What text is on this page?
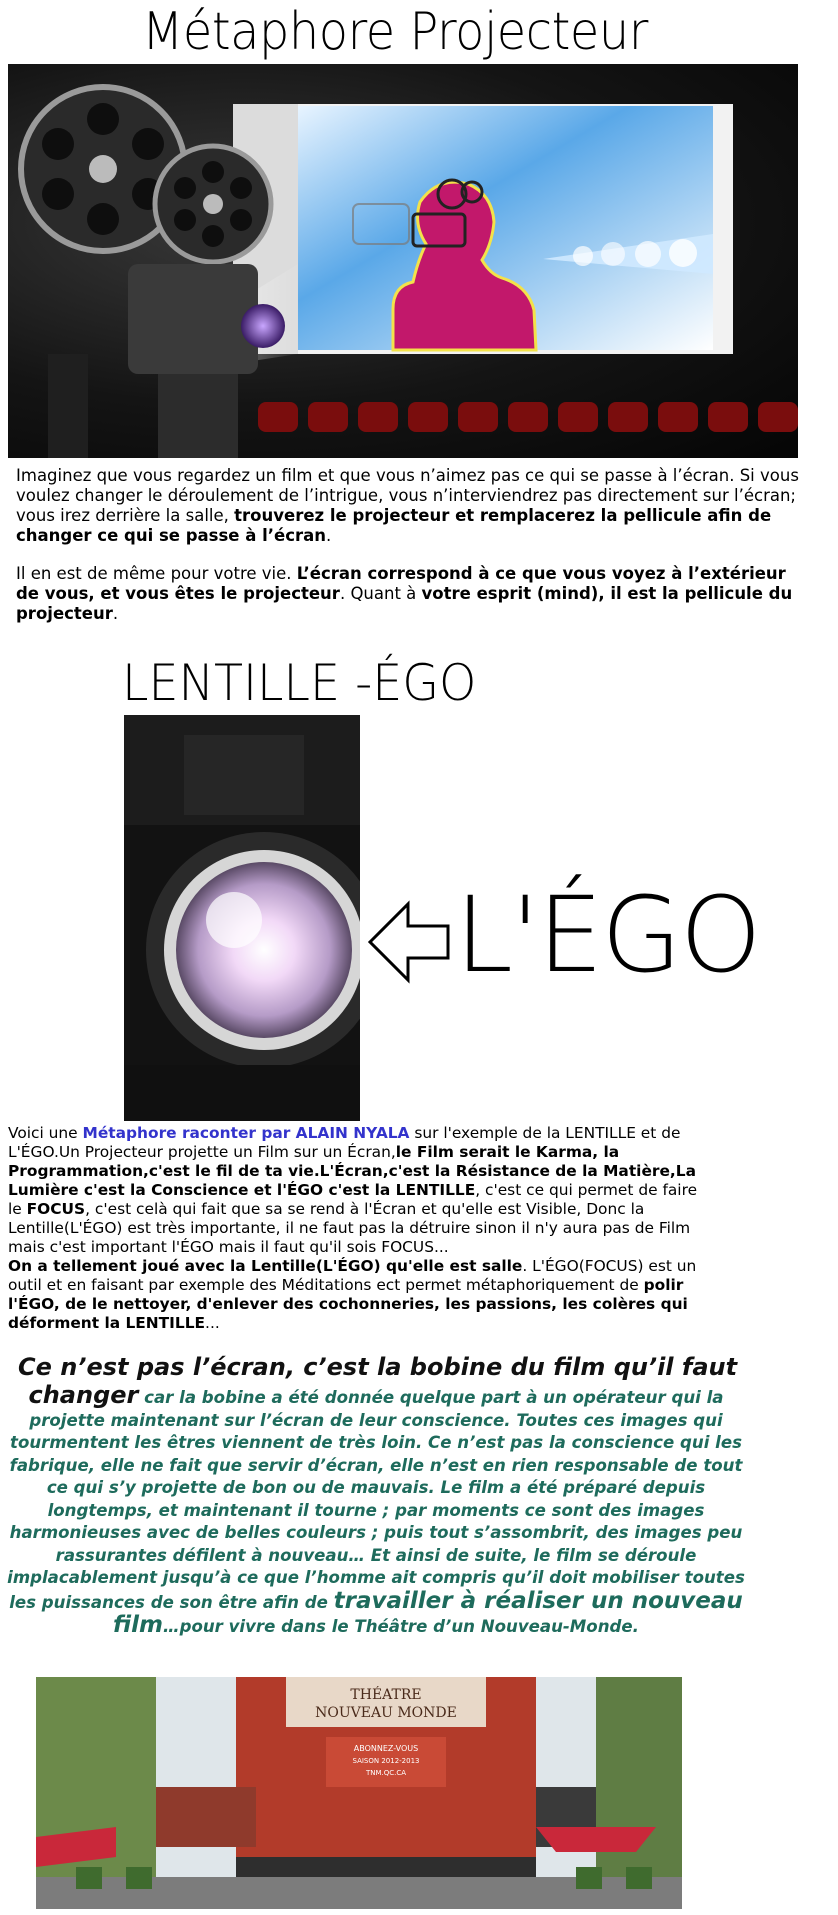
Métaphore Projecteur
Imaginez que vous regardez un film et que vous n’aimez pas ce qui se passe à l’écran. Si vous voulez changer le déroulement de l’intrigue, vous n’interviendrez pas directement sur l’écran; vous irez derrière la salle, trouverez le projecteur et remplacerez la pellicule afin de changer ce qui se passe à l’écran.
Il en est de même pour votre vie. L’écran correspond à ce que vous voyez à l’extérieur de vous, et vous êtes le projecteur. Quant à votre esprit (mind), il est la pellicule du projecteur.
LENTILLE -ÉGO
L'ÉGO
Voici une Métaphore raconter par ALAIN NYALA sur l'exemple de la LENTILLE et de L'ÉGO.Un Projecteur projette un Film sur un Écran,le Film serait le Karma, la Programmation,c'est le fil de ta vie.L'Écran,c'est la Résistance de la Matière,La Lumière c'est la Conscience et l'ÉGO c'est la LENTILLE, c'est ce qui permet de faire le FOCUS, c'est celà qui fait que sa se rend à l'Écran et qu'elle est Visible, Donc la Lentille(L'ÉGO) est très importante, il ne faut pas la détruire sinon il n'y aura pas de Film mais c'est important l'ÉGO mais il faut qu'il sois FOCUS...
On a tellement joué avec la Lentille(L'ÉGO) qu'elle est salle. L'ÉGO(FOCUS) est un outil et en faisant par exemple des Méditations ect permet métaphoriquement de polir l'ÉGO, de le nettoyer, d'enlever des cochonneries, les passions, les colères qui déforment la LENTILLE...
Ce n’est pas l’écran, c’est la bobine du film qu’il faut
changer car la bobine a été donnée quelque part à un opérateur qui la projette maintenant sur l’écran de leur conscience. Toutes ces images qui tourmentent les êtres viennent de très loin. Ce n’est pas la conscience qui les fabrique, elle ne fait que servir d’écran, elle n’est en rien responsable de tout ce qui s’y projette de bon ou de mauvais. Le film a été préparé depuis longtemps, et maintenant il tourne ; par moments ce sont des images harmonieuses avec de belles couleurs ; puis tout s’assombrit, des images peu rassurantes défilent à nouveau… Et ainsi de suite, le film se déroule implacablement jusqu’à ce que l’homme ait compris qu’il doit mobiliser toutes les puissances de son être afin de travailler à réaliser un nouveau film…pour vivre dans le Théâtre d’un Nouveau-Monde.
THÉATRE
NOUVEAU MONDE
ABONNEZ-VOUS
SAISON 2012-2013
TNM.QC.CA
